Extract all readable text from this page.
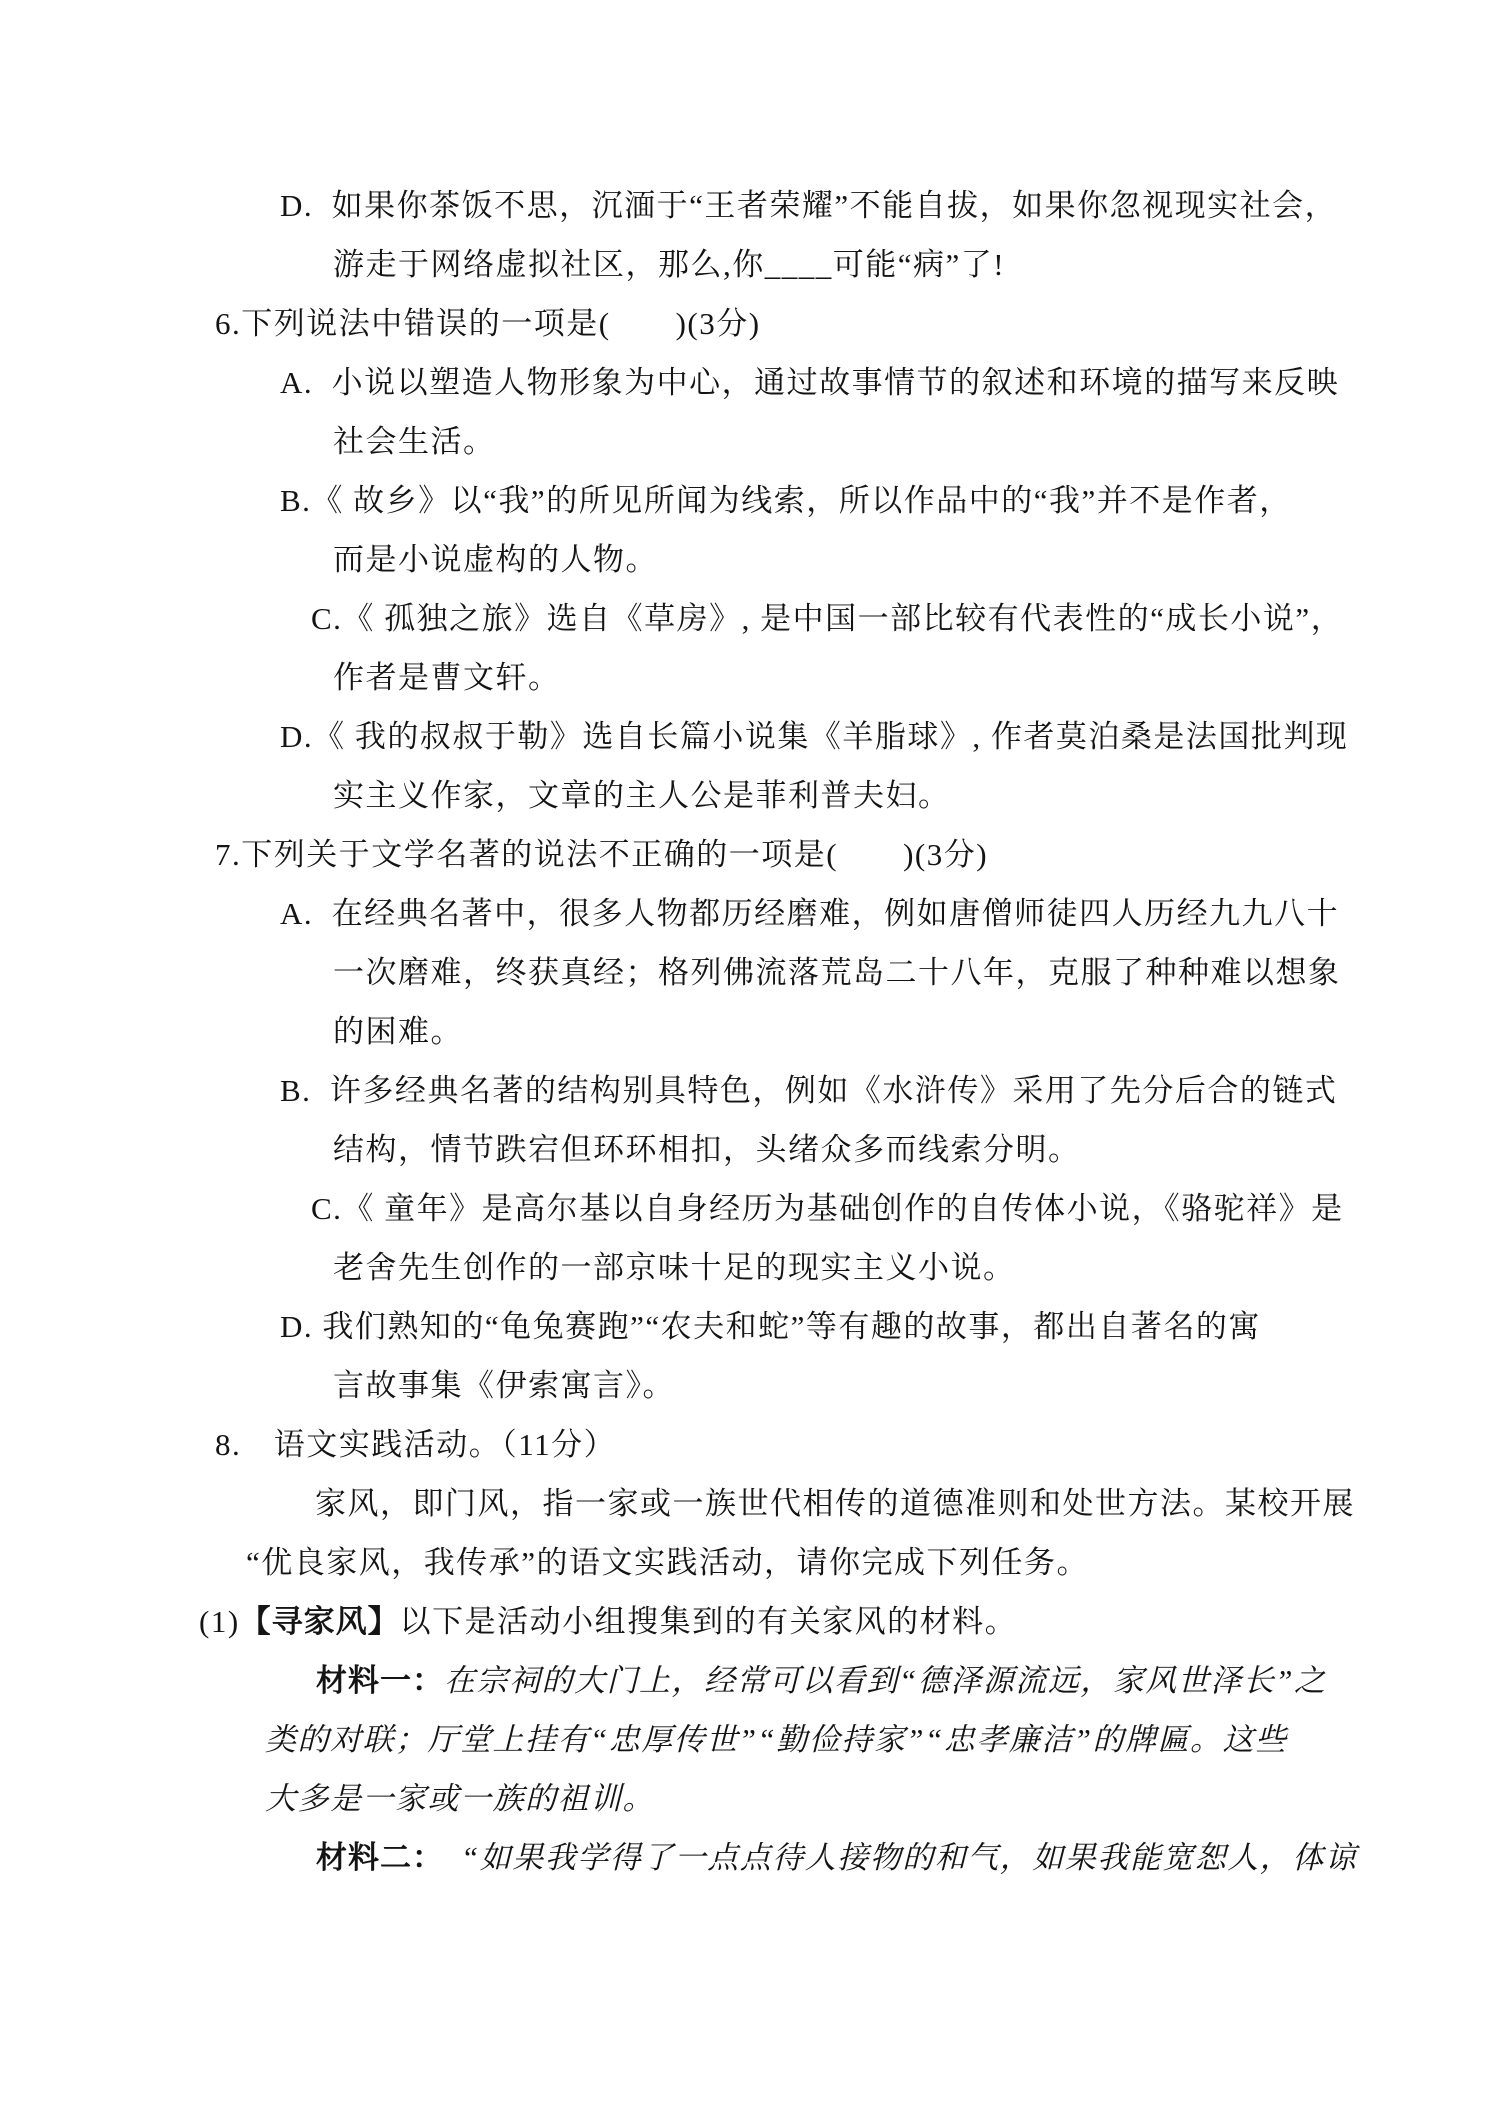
D.  如果你茶饭不思，沉湎于“王者荣耀”不能自拔，如果你忽视现实社会，
游走于网络虚拟社区，那么,你____可能“病”了!
6.下列说法中错误的一项是(　　)(3分)
A.  小说以塑造人物形象为中心，通过故事情节的叙述和环境的描写来反映
社会生活。
B.《 故乡》以“我”的所见所闻为线索，所以作品中的“我”并不是作者，
而是小说虚构的人物。
C.《 孤独之旅》选自《草房》, 是中国一部比较有代表性的“成长小说”，
作者是曹文轩。
D.《 我的叔叔于勒》选自长篇小说集《羊脂球》, 作者莫泊桑是法国批判现
实主义作家，文章的主人公是菲利普夫妇。
7.下列关于文学名著的说法不正确的一项是(　　)(3分)
A.  在经典名著中，很多人物都历经磨难，例如唐僧师徒四人历经九九八十
一次磨难，终获真经；格列佛流落荒岛二十八年，克服了种种难以想象
的困难。
B.  许多经典名著的结构别具特色，例如《水浒传》采用了先分后合的链式
结构，情节跌宕但环环相扣，头绪众多而线索分明。
C.《 童年》是高尔基以自身经历为基础创作的自传体小说，《骆驼祥》是
老舍先生创作的一部京味十足的现实主义小说。
D. 我们熟知的“龟兔赛跑”“农夫和蛇”等有趣的故事，都出自著名的寓
言故事集《伊索寓言》。
8.　语文实践活动。（11分）
家风，即门风，指一家或一族世代相传的道德准则和处世方法。某校开展
“优良家风，我传承”的语文实践活动，请你完成下列任务。
(1)【寻家风】以下是活动小组搜集到的有关家风的材料。
材料一：在宗祠的大门上，经常可以看到“德泽源流远，家风世泽长”之
类的对联；厅堂上挂有“忠厚传世”“勤俭持家”“忠孝廉洁”的牌匾。这些
大多是一家或一族的祖训。
材料二：　“如果我学得了一点点待人接物的和气，如果我能宽恕人，体谅
